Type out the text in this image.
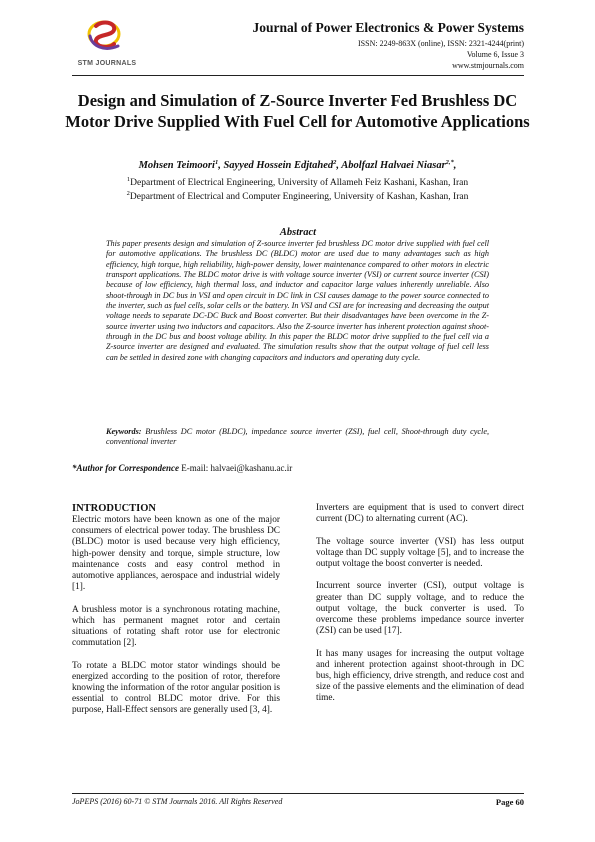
STM JOURNALS
Journal of Power Electronics & Power Systems
ISSN: 2249-863X (online), ISSN: 2321-4244(print)
Volume 6, Issue 3
www.stmjournals.com
Design and Simulation of Z-Source Inverter Fed Brushless DC Motor Drive Supplied With Fuel Cell for Automotive Applications
Mohsen Teimoori$^1$, Sayyed Hossein Edjtahed$^2$, Abolfazl Halvaei Niasar$^{2,*}$,
$^1$Department of Electrical Engineering, University of Allameh Feiz Kashani, Kashan, Iran
$^2$Department of Electrical and Computer Engineering, University of Kashan, Kashan, Iran
Abstract
This paper presents design and simulation of Z-source inverter fed brushless DC motor drive supplied with fuel cell for automotive applications. The brushless DC (BLDC) motor are used due to many advantages such as high efficiency, high torque, high reliability, high-power density, lower maintenance compared to other motors in electric transport applications. The BLDC motor drive is with voltage source inverter (VSI) or current source inverter (CSI) because of low efficiency, high thermal loss, and inductor and capacitor large values inherently unreliable. Also shoot-through in DC bus in VSI and open circuit in DC link in CSI causes damage to the power source connected to the inverter, such as fuel cells, solar cells or the battery. In VSI and CSI are for increasing and decreasing the output voltage needs to separate DC-DC Buck and Boost converter. But their disadvantages have been overcome in the Z-source inverter using two inductors and capacitors. Also the Z-source inverter has inherent protection against shoot-through in the DC bus and boost voltage ability. In this paper the BLDC motor drive supplied to the fuel cell via a Z-source inverter are designed and evaluated. The simulation results show that the output voltage of fuel cell less can be settled in desired zone with changing capacitors and inductors and operating duty cycle.
Keywords: Brushless DC motor (BLDC), impedance source inverter (ZSI), fuel cell, Shoot-through duty cycle, conventional inverter
*Author for Correspondence E-mail: halvaei@kashanu.ac.ir
INTRODUCTION

Electric motors have been known as one of the major consumers of electrical power today. The brushless DC (BLDC) motor is used because very high efficiency, high-power density and torque, simple structure, low maintenance costs and easy control method in automotive appliances, aerospace and industrial widely [1].

A brushless motor is a synchronous rotating machine, which has permanent magnet rotor and certain situations of rotating shaft rotor use for electronic commutation [2].

To rotate a BLDC motor stator windings should be energized according to the position of rotor, therefore knowing the information of the rotor angular position is essential to control BLDC motor drive. For this purpose, Hall-Effect sensors are generally used [3, 4].

Inverters are equipment that is used to convert direct current (DC) to alternating current (AC).

The voltage source inverter (VSI) has less output voltage than DC supply voltage [5], and to increase the output voltage the boost converter is needed.

Incurrent source inverter (CSI), output voltage is greater than DC supply voltage, and to reduce the output voltage, the buck converter is used. To overcome these problems impedance source inverter (ZSI) can be used [17].

It has many usages for increasing the output voltage and inherent protection against shoot-through in DC bus, high efficiency, drive strength, and reduce cost and size of the passive elements and the elimination of dead time.

JoPEPS (2016) 60-71 © STM Journals 2016. All Rights Reserved	Page 60
